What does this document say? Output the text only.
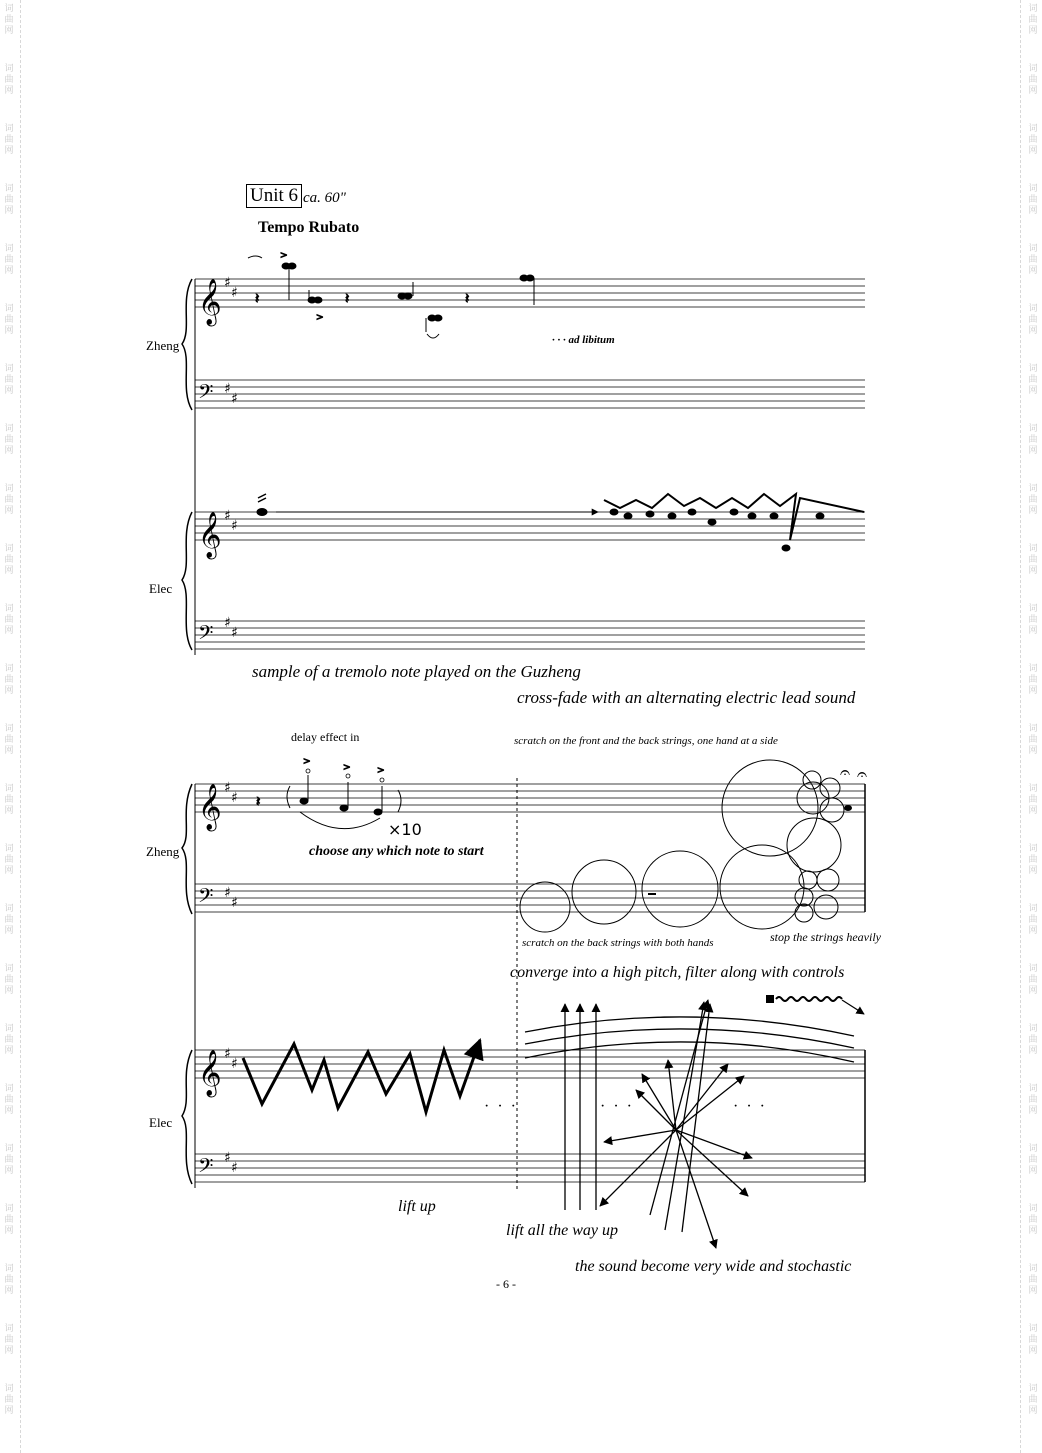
词
曲
网
词
曲
网
词
曲
网
词
曲
网
词
曲
网
词
曲
网
词
曲
网
词
曲
网
词
曲
网
词
曲
网
词
曲
网
词
曲
网
词
曲
网
词
曲
网
词
曲
网
词
曲
网
词
曲
网
词
曲
网
词
曲
网
词
曲
网
词
曲
网
词
曲
网
词
曲
网
词
曲
网
词
曲
网
词
曲
网
词
曲
网
词
曲
网
词
曲
网
词
曲
网
词
曲
网
词
曲
网
词
曲
网
词
曲
网
词
曲
网
词
曲
网
词
曲
网
词
曲
网
词
曲
网
词
曲
网
词
曲
网
词
曲
网
词
曲
网
词
曲
网
词
曲
网
词
曲
网
词
曲
网
词
曲
网
Unit 6 ca. 60"
Tempo Rubato
Zheng
Elec
Zheng
Elec
· · · ad libitum
sample of a tremolo note played on the Guzheng
cross-fade with an alternating electric lead sound
delay effect in
×10
choose any which note to start
scratch on the front and the back strings, one hand at a side
scratch on the back strings with both hands	stop the strings heavily
converge into a high pitch, filter along with controls
lift up
lift all the way up
the sound become very wide and stochastic
· · ·	· · ·	· · ·
- 6 -
𝄞
𝄢
𝄞
𝄢
♯
♯
♯
♯
♯
♯
♯
♯
𝄽
>
>
𝄽	𝄽
𝄞
𝄢
𝄞
𝄢
♯
♯
♯
♯
♯
♯
♯
♯
𝄽
>
>	>	𝄐 𝄐
